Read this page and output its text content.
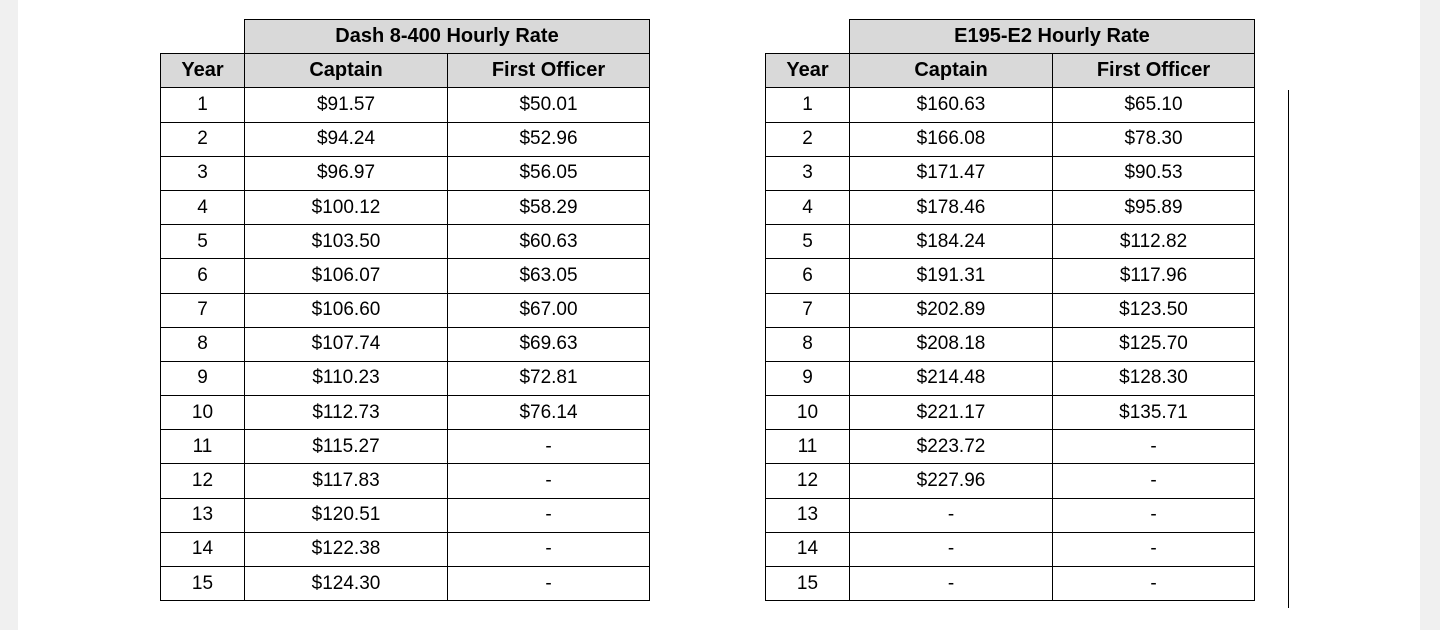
	Dash 8-400 Hourly Rate	
Year	Captain	First Officer
1	$91.57	$50.01
2	$94.24	$52.96
3	$96.97	$56.05
4	$100.12	$58.29
5	$103.50	$60.63
6	$106.07	$63.05
7	$106.60	$67.00
8	$107.74	$69.63
9	$110.23	$72.81
10	$112.73	$76.14
11	$115.27	-
12	$117.83	-
13	$120.51	-
14	$122.38	-
15	$124.30	-
	E195-E2 Hourly Rate	
Year	Captain	First Officer
1	$160.63	$65.10
2	$166.08	$78.30
3	$171.47	$90.53
4	$178.46	$95.89
5	$184.24	$112.82
6	$191.31	$117.96
7	$202.89	$123.50
8	$208.18	$125.70
9	$214.48	$128.30
10	$221.17	$135.71
11	$223.72	-
12	$227.96	-
13	-	-
14	-	-
15	-	-
